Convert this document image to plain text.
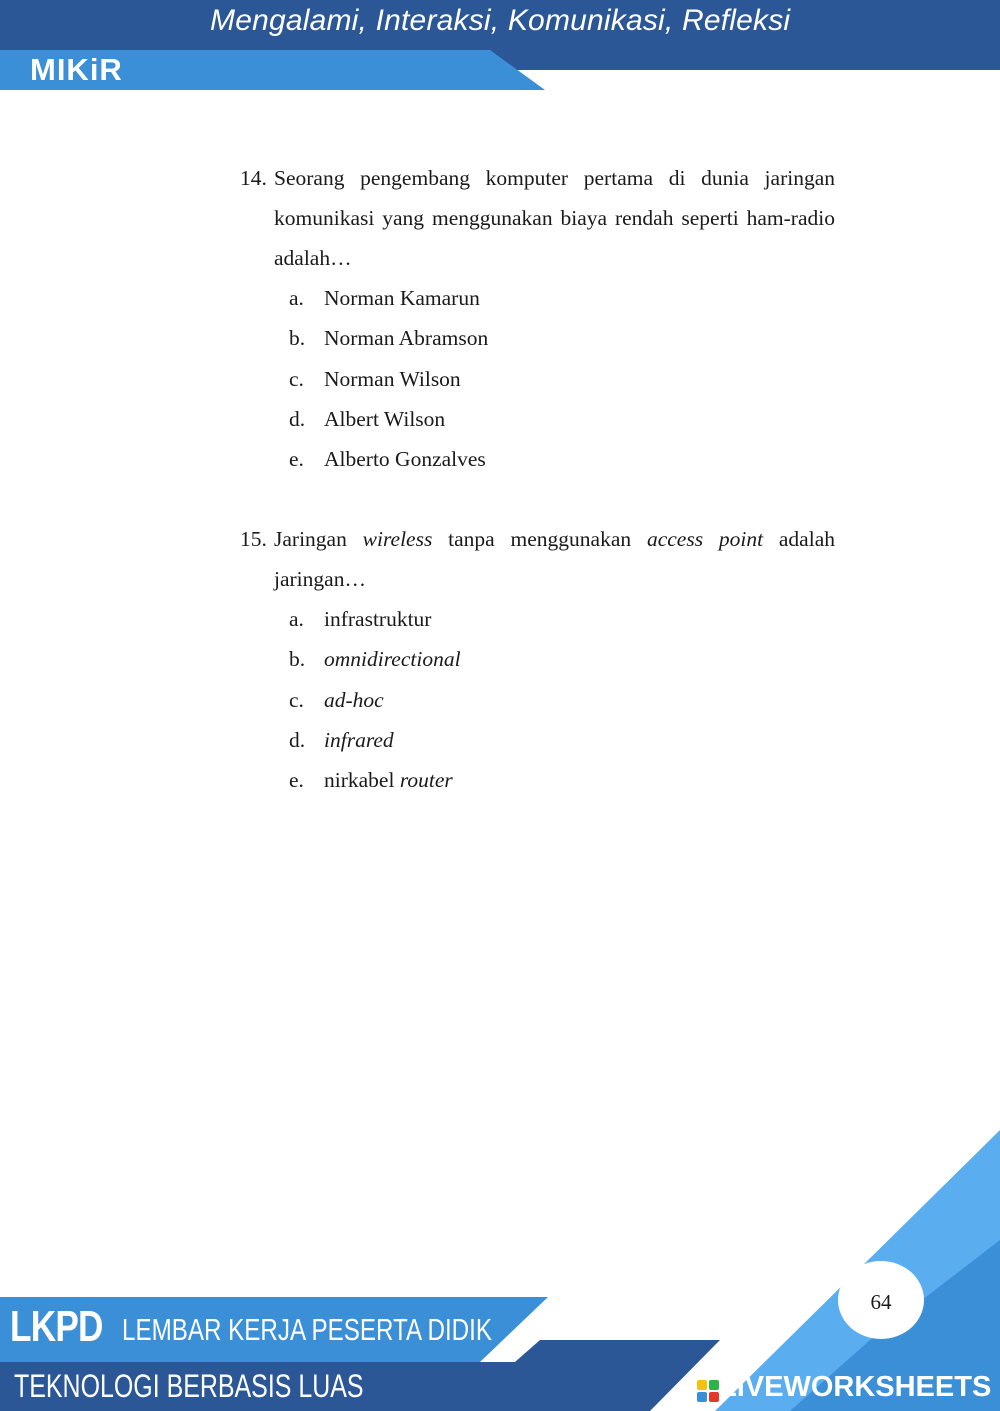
Mengalami, Interaksi, Komunikasi, Refleksi
MIKiR
14. Seorang pengembang komputer pertama di dunia jaringan komunikasi yang menggunakan biaya rendah seperti ham-radio adalah…
a. Norman Kamarun
b. Norman Abramson
c. Norman Wilson
d. Albert Wilson
e. Alberto Gonzalves
15. Jaringan wireless tanpa menggunakan access point adalah jaringan…
a. infrastruktur
b. omnidirectional
c. ad-hoc
d. infrared
e. nirkabel router
LKPD LEMBAR KERJA PESERTA DIDIK
TEKNOLOGI BERBASIS LUAS
64
LIVEWORKSHEETS
